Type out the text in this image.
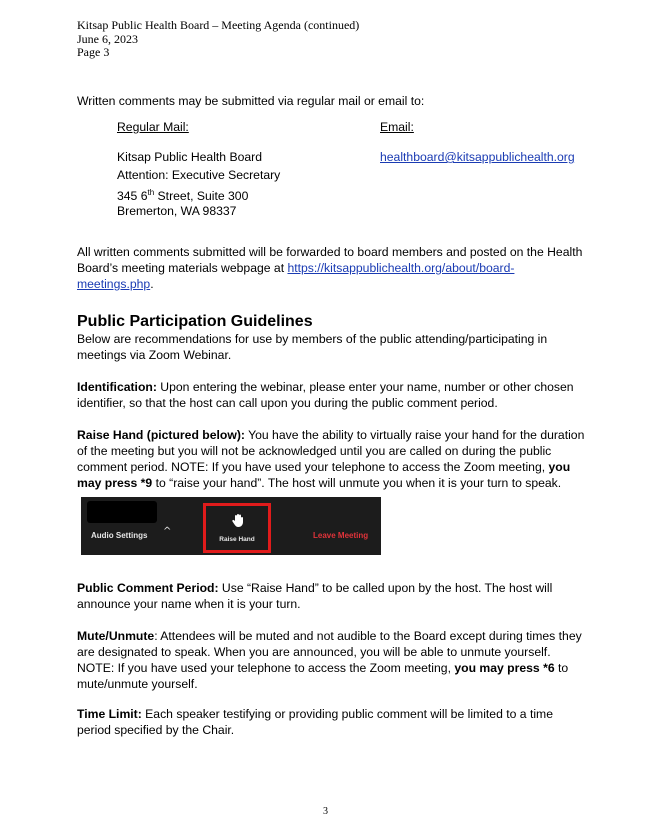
Kitsap Public Health Board – Meeting Agenda (continued)
June 6, 2023
Page 3
Written comments may be submitted via regular mail or email to:
Regular Mail:
Kitsap Public Health Board
Attention: Executive Secretary
345 6th Street, Suite 300
Bremerton, WA 98337
Email:
healthboard@kitsappublichealth.org
All written comments submitted will be forwarded to board members and posted on the Health Board’s meeting materials webpage at https://kitsappublichealth.org/about/board-meetings.php.
Public Participation Guidelines
Below are recommendations for use by members of the public attending/participating in meetings via Zoom Webinar.
Identification: Upon entering the webinar, please enter your name, number or other chosen identifier, so that the host can call upon you during the public comment period.
Raise Hand (pictured below): You have the ability to virtually raise your hand for the duration of the meeting but you will not be acknowledged until you are called on during the public comment period. NOTE: If you have used your telephone to access the Zoom meeting, you may press *9 to “raise your hand”. The host will unmute you when it is your turn to speak.
Audio Settings ^
Raise Hand	Leave Meeting
Public Comment Period: Use “Raise Hand” to be called upon by the host. The host will announce your name when it is your turn.
Mute/Unmute: Attendees will be muted and not audible to the Board except during times they are designated to speak. When you are announced, you will be able to unmute yourself. NOTE: If you have used your telephone to access the Zoom meeting, you may press *6 to mute/unmute yourself.
Time Limit: Each speaker testifying or providing public comment will be limited to a time period specified by the Chair.
3
